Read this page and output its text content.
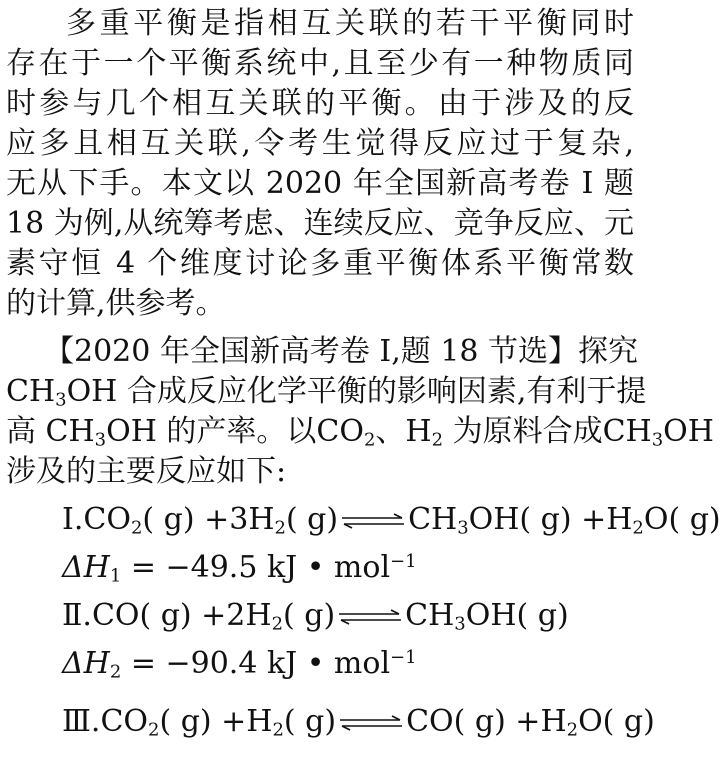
多重平衡是指相互关联的若干平衡同时
存在于一个平衡系统中,且至少有一种物质同
时参与几个相互关联的平衡。由于涉及的反
应多且相互关联,令考生觉得反应过于复杂,
无从下手。本文以 2020 年全国新高考卷 I 题
18 为例,从统筹考虑、连续反应、竞争反应、元
素守恒 4 个维度讨论多重平衡体系平衡常数
的计算,供参考。
【2020 年全国新高考卷 Ⅰ,题 18 节选】探究
$CH_3OH$ 合成反应化学平衡的影响因素,有利于提
高 $CH_3OH$ 的产率。以$CO_2$、$H_2$ 为原料合成$CH_3OH$
涉及的主要反应如下:
$Ⅰ.CO_2$( $g) +3H_2$( g) ⇌ $CH_3OH$( $g) +H_2O$( g)
$\Delta H_1 = -49.5$ kJ • mol$^{-1}$
Ⅱ.CO( $g) +2H_2$( g) ⇌ $CH_3OH$( g)
$\Delta H_2 = -90.4$ kJ • mol$^{-1}$
$Ⅲ.CO_2$( $g) +H_2$( g) ⇌ CO( $g) +H_2O$( g)
